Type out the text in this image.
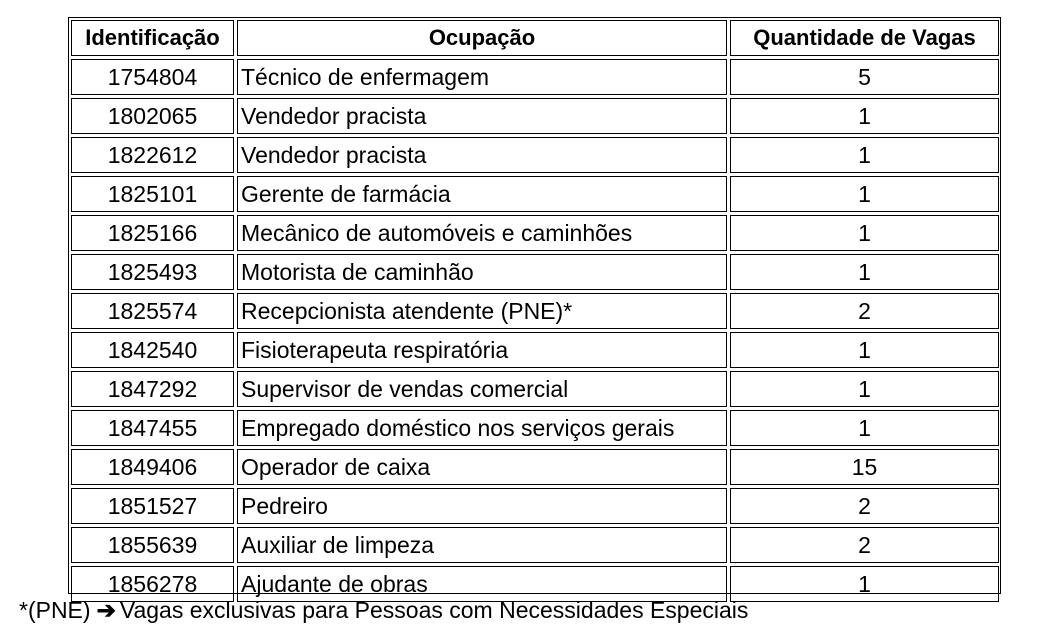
Identificação	Ocupação	Quantidade de Vagas
1754804	Técnico de enfermagem	5
1802065	Vendedor pracista	1
1822612	Vendedor pracista	1
1825101	Gerente de farmácia	1
1825166	Mecânico de automóveis e caminhões	1
1825493	Motorista de caminhão	1
1825574	Recepcionista atendente (PNE)*	2
1842540	Fisioterapeuta respiratória	1
1847292	Supervisor de vendas comercial	1
1847455	Empregado doméstico nos serviços gerais	1
1849406	Operador de caixa	15
1851527	Pedreiro	2
1855639	Auxiliar de limpeza	2
1856278	Ajudante de obras	1
*(PNE) ➔ Vagas exclusivas para Pessoas com Necessidades Especiais
